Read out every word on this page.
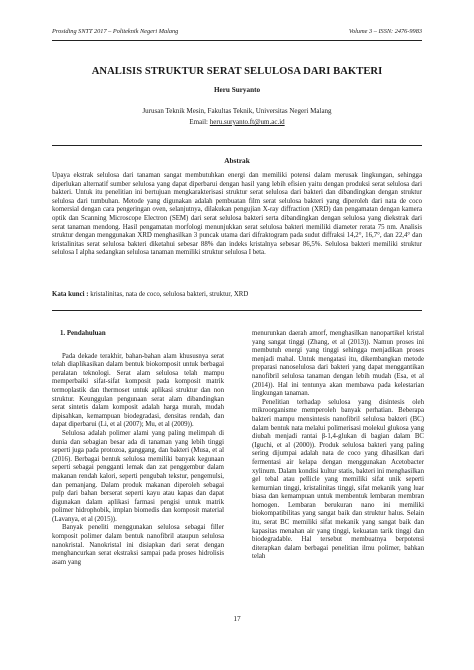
Prosiding SNTT 2017 – Politeknik Negeri Malang	Volume 3 – ISSN: 2476-9983
ANALISIS STRUKTUR SERAT SELULOSA DARI BAKTERI
Heru Suryanto
Jurusan Teknik Mesin, Fakultas Teknik, Universitas Negeri Malang
Email: heru.suryanto.ft@um.ac.id
Abstrak
Upaya ekstrak selulosa dari tanaman sangat membutuhkan energi dan memiliki potensi dalam merusak lingkungan, sehingga diperlukan alternatif sumber selulosa yang dapat diperbarui dengan hasil yang lebih efisien yaitu dengan produksi serat selulosa dari bakteri. Untuk itu penelitian ini bertujuan mengkarakterisasi struktur serat selulosa dari bakteri dan dibandingkan dengan struktur selulosa dari tumbuhan. Metode yang digunakan adalah pembuatan film serat selulosa bakteri yang diperoleh dari nata de coco komersial dengan cara pengeringan oven, selanjutnya, dilakukan pengujian X-ray diffraction (XRD) dan pengamatan dengan kamera optik dan Scanning Microscope Electron (SEM) dari serat selulosa bakteri serta dibandingkan dengan selulosa yang diekstrak dari serat tanaman mendong. Hasil pengamatan morfologi menunjukkan serat selulosa bakteri memiliki diameter rerata 75 nm. Analisis struktur dengan menggunakan XRD menghasilkan 3 puncak utama dari difraktogram pada sudut diffraksi 14,2°, 16,7°, dan 22,4° dan kristalinitas serat selulosa bakteri diketahui sebesar 88% dan indeks kristalnya sebesar 86,5%. Selulosa bakteri memiliki struktur selulosa I alpha sedangkan selulosa tanaman memiliki struktur selulosa I beta.
Kata kunci : kristalinitas, nata de coco, selulosa bakteri, struktur, XRD
1. Pendahuluan

Pada dekade terakhir, bahan-bahan alam khususnya serat telah diaplikasikan dalam bentuk biokomposit untuk berbagai peralatan teknologi. Serat alam selulosa telah mampu memperbaiki sifat-sifat komposit pada komposit matrik termoplastik dan thermoset untuk aplikasi struktur dan non struktur. Keunggulan pengunaan serat alam dibandingkan serat sintetis dalam komposit adalah harga murah, mudah dipisahkan, kemampuan biodegradasi, densitas rendah, dan dapat diperbarui (Li, et al (2007); Mu, et al (2009)).

Selulosa adalah polimer alami yang paling melimpah di dunia dan sebagian besar ada di tanaman yang lebih tinggi seperti juga pada protozoa, ganggang, dan bakteri (Musa, et al (2016). Berbagai bentuk selulosa memiliki banyak kegunaan seperti sebagai pengganti lemak dan zat penggembur dalam makanan rendah kalori, seperti pengubah tekstur, pengemulsi, dan pemanjang. Dalam produk makanan diperoleh sebagai pulp dari bahan berserat seperti kayu atau kapas dan dapat digunakan dalam aplikasi farmasi pengisi untuk matrik polimer hidrophobik, implan biomedis dan komposit material (Lavanya, et al (2015)).

Banyak peneliti menggunakan selulosa sebagai filler komposit polimer dalam bentuk nanofibril ataupun selulosa nanokristal. Nanokristal ini disiapkan dari serat dengan menghancurkan serat ekstraksi sampai pada proses hidrolisis asam yang

menurunkan daerah amorf, menghasilkan nanopartikel kristal yang sangat tinggi (Zhang, et al (2013)). Namun proses ini membutuh energi yang tinggi sehingga menjadikan proses menjadi mahal. Untuk mengatasi itu, dikembangkan metode preparasi nanoselulosa dari bakteri yang dapat menggantikan nanofibril selulosa tanaman dengan lebih mudah (Esa, et al (2014)). Hal ini tentunya akan membawa pada kelestarian lingkungan tanaman.

Penelitian terhadap selulosa yang disintesis oleh mikroorganisme memperoleh banyak perhatian. Beberapa bakteri mampu mensintesis nanofibril selulosa bakteri (BC) dalam bentuk nata melalui polimerisasi molekul glukosa yang diubah menjadi rantai β-1,4-glukan di bagian dalam BC (Iguchi, et al (2000)). Produk selulosa bakteri yang paling sering dijumpai adalah nata de coco yang dihasilkan dari fermentasi air kelapa dengan menggunakan Acetobacter xylinum. Dalam kondisi kultur statis, bakteri ini menghasilkan gel tebal atau pellicle yang memiliki sifat unik seperti kemurnian tinggi, kristalinitas tinggi, sifat mekanik yang luar biasa dan kemampuan untuk membentuk lembaran membran homogen. Lembaran berukuran nano ini memiliki biokompatibilitas yang sangat baik dan struktur halus. Selain itu, serat BC memiliki sifat mekanik yang sangat baik dan kapasitas menahan air yang tinggi, kekuatan tarik tinggi dan biodegradable. Hal tersebut membuatnya berpotensi diterapkan dalam berbagai penelitian ilmu polimer, bahkan telah

17
